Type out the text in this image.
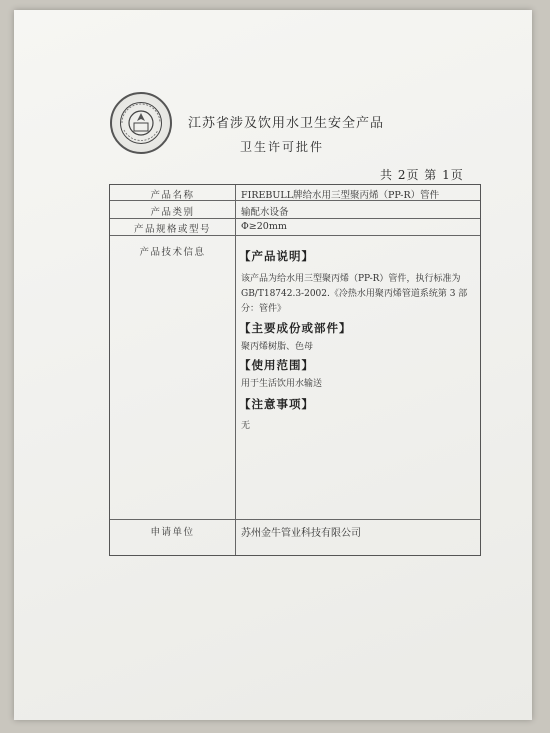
江苏省涉及饮用水卫生安全产品
卫生许可批件
共 2页 第 1页
产品名称	FIREBULL牌给水用三型聚丙烯（PP-R）管件
产品类别	输配水设备
产品规格或型号	Φ≥20mm
产品技术信息	【产品说明】
该产品为给水用三型聚丙烯（PP-R）管件，执行标准为
GB/T18742.3-2002.《冷热水用聚丙烯管道系统第 3 部
分：管件》
【主要成份或部件】
聚丙烯树脂、色母
【使用范围】
用于生活饮用水输送
【注意事项】
无
申请单位	苏州金牛管业科技有限公司
